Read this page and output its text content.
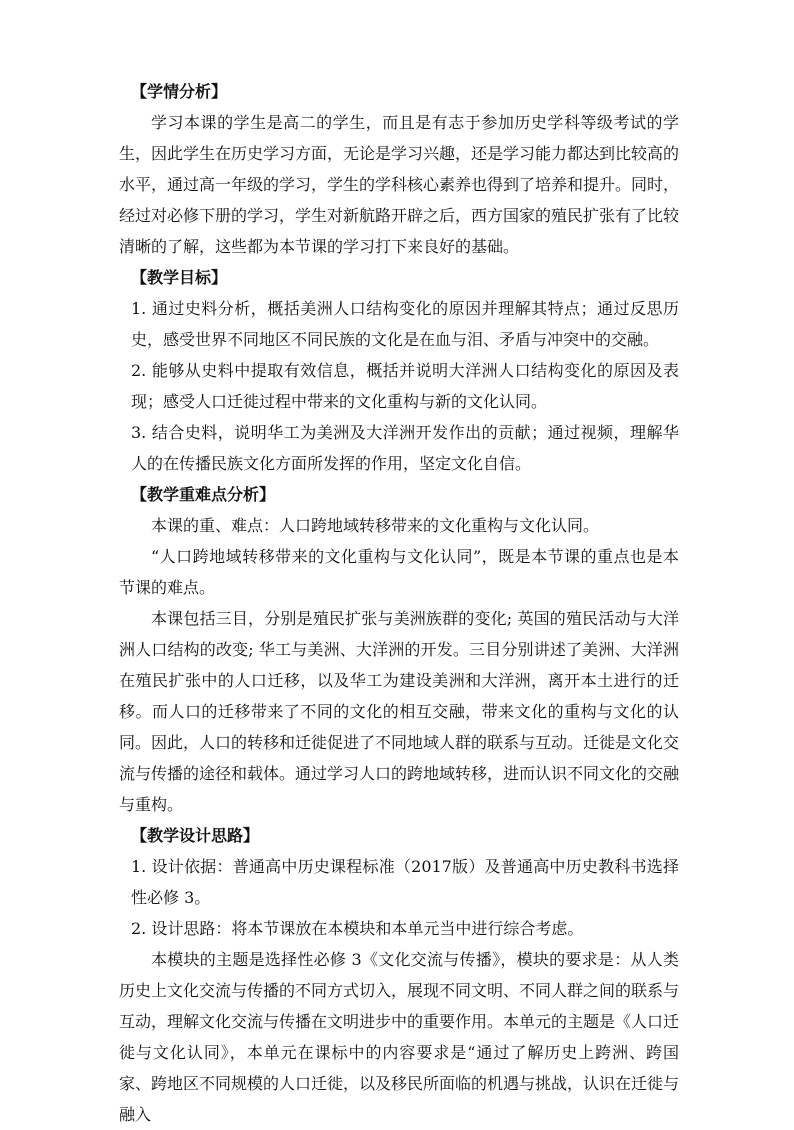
【学情分析】

学习本课的学生是高二的学生，而且是有志于参加历史学科等级考试的学生，因此学生在历史学习方面，无论是学习兴趣，还是学习能力都达到比较高的水平，通过高一年级的学习，学生的学科核心素养也得到了培养和提升。同时，经过对必修下册的学习，学生对新航路开辟之后，西方国家的殖民扩张有了比较清晰的了解，这些都为本节课的学习打下来良好的基础。

【教学目标】

1. 通过史料分析，概括美洲人口结构变化的原因并理解其特点；通过反思历史，感受世界不同地区不同民族的文化是在血与泪、矛盾与冲突中的交融。

2. 能够从史料中提取有效信息，概括并说明大洋洲人口结构变化的原因及表现；感受人口迁徙过程中带来的文化重构与新的文化认同。

3. 结合史料，说明华工为美洲及大洋洲开发作出的贡献；通过视频，理解华人的在传播民族文化方面所发挥的作用，坚定文化自信。

【教学重难点分析】

本课的重、难点：人口跨地域转移带来的文化重构与文化认同。

“人口跨地域转移带来的文化重构与文化认同”，既是本节课的重点也是本节课的难点。

本课包括三目，分别是殖民扩张与美洲族群的变化; 英国的殖民活动与大洋洲人口结构的改变; 华工与美洲、大洋洲的开发。三目分别讲述了美洲、大洋洲在殖民扩张中的人口迁移，以及华工为建设美洲和大洋洲，离开本土进行的迁移。而人口的迁移带来了不同的文化的相互交融，带来文化的重构与文化的认同。因此，人口的转移和迁徙促进了不同地域人群的联系与互动。迁徙是文化交流与传播的途径和载体。通过学习人口的跨地域转移，进而认识不同文化的交融与重构。

【教学设计思路】

1. 设计依据：普通高中历史课程标准（2017版）及普通高中历史教科书选择性必修 3。

2. 设计思路：将本节课放在本模块和本单元当中进行综合考虑。

本模块的主题是选择性必修 3《文化交流与传播》，模块的要求是：从人类历史上文化交流与传播的不同方式切入，展现不同文明、不同人群之间的联系与互动，理解文化交流与传播在文明进步中的重要作用。本单元的主题是《人口迁徙与文化认同》，本单元在课标中的内容要求是“通过了解历史上跨洲、跨国家、跨地区不同规模的人口迁徙，以及移民所面临的机遇与挑战，认识在迁徙与融入
